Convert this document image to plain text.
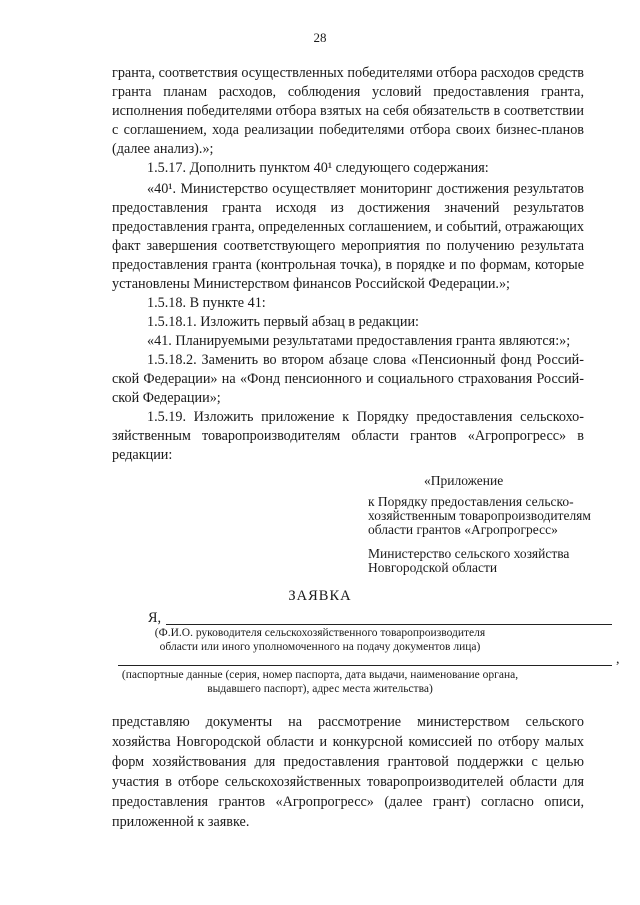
28
гранта, соответствия осуществленных победителями отбора расходов средств
гранта планам расходов, соблюдения условий предоставления гранта,
исполнения победителями отбора взятых на себя обязательств в соответствии
с соглашением, хода реализации победителями отбора своих бизнес-планов
(далее анализ).»;
1.5.17. Дополнить пунктом 40¹ следующего содержания:
«40¹. Министерство осуществляет мониторинг достижения результатов
предоставления гранта исходя из достижения значений результатов
предоставления гранта, определенных соглашением, и событий, отражающих
факт завершения соответствующего мероприятия по получению результата
предоставления гранта (контрольная точка), в порядке и по формам, которые
установлены Министерством финансов Российской Федерации.»;
1.5.18. В пункте 41:
1.5.18.1. Изложить первый абзац в редакции:
«41. Планируемыми результатами предоставления гранта являются:»;
1.5.18.2. Заменить во втором абзаце слова «Пенсионный фонд Россий-
ской Федерации» на «Фонд пенсионного и социального страхования Россий-
ской Федерации»;
1.5.19. Изложить приложение к Порядку предоставления сельскохо-
зяйственным товаропроизводителям области грантов «Агропрогресс» в
редакции:
«Приложение
к Порядку предоставления сельско-
хозяйственным товаропроизводителям
области грантов «Агропрогресс»
Министерство сельского хозяйства
Новгородской области
ЗАЯВКА
Я,
(Ф.И.О. руководителя сельскохозяйственного товаропроизводителя
области или иного уполномоченного на подачу документов лица)
,
(паспортные данные (серия, номер паспорта, дата выдачи, наименование органа,
выдавшего паспорт), адрес места жительства)
представляю документы на рассмотрение министерством сельского
хозяйства Новгородской области и конкурсной комиссией по отбору малых
форм хозяйствования для предоставления грантовой поддержки с целью
участия в отборе сельскохозяйственных товаропроизводителей области для
предоставления грантов «Агропрогресс» (далее грант) согласно описи,
приложенной к заявке.
